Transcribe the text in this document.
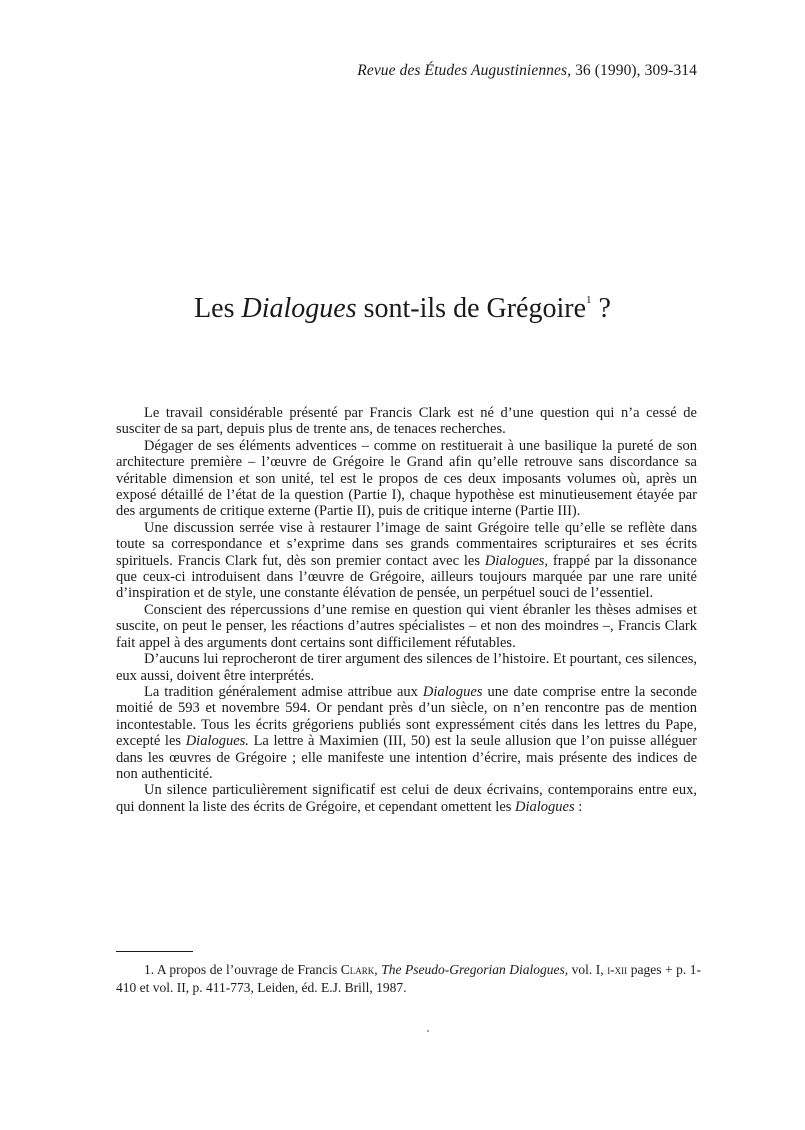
Revue des Études Augustiniennes, 36 (1990), 309-314
Les Dialogues sont-ils de Grégoire$^1$ ?

Le travail considérable présenté par Francis Clark est né d’une question qui n’a cessé de susciter de sa part, depuis plus de trente ans, de tenaces recherches.

Dégager de ses éléments adventices – comme on restituerait à une basilique la pureté de son architecture première – l’œuvre de Grégoire le Grand afin qu’elle retrouve sans discordance sa véritable dimension et son unité, tel est le propos de ces deux imposants volumes où, après un exposé détaillé de l’état de la question (Partie I), chaque hypothèse est minutieusement étayée par des arguments de critique externe (Partie II), puis de critique interne (Partie III).

Une discussion serrée vise à restaurer l’image de saint Grégoire telle qu’elle se reflète dans toute sa correspondance et s’exprime dans ses grands commentaires scripturaires et ses écrits spirituels. Francis Clark fut, dès son premier contact avec les Dialogues, frappé par la dissonance que ceux-ci introduisent dans l’œuvre de Grégoire, ailleurs toujours marquée par une rare unité d’inspiration et de style, une constante élévation de pensée, un perpétuel souci de l’essentiel.

Conscient des répercussions d’une remise en question qui vient ébranler les thèses admises et suscite, on peut le penser, les réactions d’autres spécialistes – et non des moindres –, Francis Clark fait appel à des arguments dont certains sont difficilement réfutables.

D’aucuns lui reprocheront de tirer argument des silences de l’histoire. Et pourtant, ces silences, eux aussi, doivent être interprétés.

La tradition généralement admise attribue aux Dialogues une date comprise entre la seconde moitié de 593 et novembre 594. Or pendant près d’un siècle, on n’en rencontre pas de mention incontestable. Tous les écrits grégoriens publiés sont expressément cités dans les lettres du Pape, excepté les Dialogues. La lettre à Maximien (III, 50) est la seule allusion que l’on puisse alléguer dans les œuvres de Grégoire ; elle manifeste une intention d’écrire, mais présente des indices de non authenticité.

Un silence particulièrement significatif est celui de deux écrivains, contemporains entre eux, qui donnent la liste des écrits de Grégoire, et cependant omettent les Dialogues :

1. A propos de l’ouvrage de Francis Clark, The Pseudo-Gregorian Dialogues, vol. I, i-xii pages + p. 1-410 et vol. II, p. 411-773, Leiden, éd. E.J. Brill, 1987.
